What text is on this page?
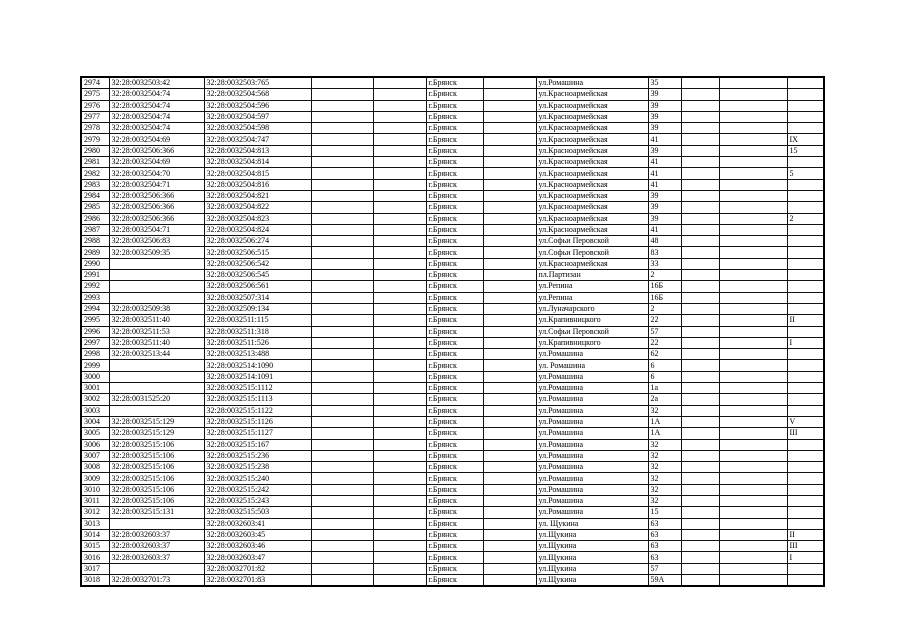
2974	32:28:0032503:42	32:28:0032503:765			г.Брянск		ул.Ромашина	35			
2975	32:28:0032504:74	32:28:0032504:568			г.Брянск		ул.Красноармейская	39			
2976	32:28:0032504:74	32:28:0032504:596			г.Брянск		ул.Красноармейская	39			
2977	32:28:0032504:74	32:28:0032504:597			г.Брянск		ул.Красноармейская	39			
2978	32:28:0032504:74	32:28:0032504:598			г.Брянск		ул.Красноармейская	39			
2979	32:28:0032504:69	32:28:0032504:747			г.Брянск		ул.Красноармейская	41			IX
2980	32:28:0032506:366	32:28:0032504:813			г.Брянск		ул.Красноармейская	39			15
2981	32:28:0032504:69	32:28:0032504:814			г.Брянск		ул.Красноармейская	41			
2982	32:28:0032504:70	32:28:0032504:815			г.Брянск		ул.Красноармейская	41			5
2983	32:28:0032504:71	32:28:0032504:816			г.Брянск		ул.Красноармейская	41			
2984	32:28:0032506:366	32:28:0032504:821			г.Брянск		ул.Красноармейская	39			
2985	32:28:0032506:366	32:28:0032504:822			г.Брянск		ул.Красноармейская	39			
2986	32:28:0032506:366	32:28:0032504:823			г.Брянск		ул.Красноармейская	39			2
2987	32:28:0032504:71	32:28:0032504:824			г.Брянск		ул.Красноармейская	41			
2988	32:28:0032506:83	32:28:0032506:274			г.Брянск		ул.Софьи Перовской	48			
2989	32:28:0032509:35	32:28:0032506:515			г.Брянск		ул.Софьи Перовской	83			
2990		32:28:0032506:542			г.Брянск		ул.Красноармейская	33			
2991		32:28:0032506:545			г.Брянск		пл.Партизан	2			
2992		32:28:0032506:561			г.Брянск		ул.Репина	16Б			
2993		32:28:0032507:314			г.Брянск		ул.Репина	16Б			
2994	32:28:0032509:38	32:28:0032509:134			г.Брянск		ул.Луначарского	2			
2995	32:28:0032511:40	32:28:0032511:115			г.Брянск		ул.Крапивницкого	22			II
2996	32:28:0032511:53	32:28:0032511:318			г.Брянск		ул.Софьи Перовской	57			
2997	32:28:0032511:40	32:28:0032511:526			г.Брянск		ул.Крапивницкого	22			I
2998	32:28:0032513:44	32:28:0032513:488			г.Брянск		ул.Ромашина	62			
2999		32:28:0032514:1090			г.Брянск		ул. Ромашина	6			
3000		32:28:0032514:1091			г.Брянск		ул.Ромашина	6			
3001		32:28:0032515:1112			г.Брянск		ул.Ромашина	1а			
3002	32:28:0031525:20	32:28:0032515:1113			г.Брянск		ул.Ромашина	2а			
3003		32:28:0032515:1122			г.Брянск		ул.Ромашина	32			
3004	32:28:0032515:129	32:28:0032515:1126			г.Брянск		ул.Ромашина	1А			V
3005	32:28:0032515:129	32:28:0032515:1127			г.Брянск		ул.Ромашина	1А			III
3006	32:28:0032515:106	32:28:0032515:167			г.Брянск		ул.Ромашина	32			
3007	32:28:0032515:106	32:28:0032515:236			г.Брянск		ул.Ромашина	32			
3008	32:28:0032515:106	32:28:0032515:238			г.Брянск		ул.Ромашина	32			
3009	32:28:0032515:106	32:28:0032515:240			г.Брянск		ул.Ромашина	32			
3010	32:28:0032515:106	32:28:0032515:242			г.Брянск		ул.Ромашина	32			
3011	32:28:0032515:106	32:28:0032515:243			г.Брянск		ул.Ромашина	32			
3012	32:28:0032515:131	32:28:0032515:503			г.Брянск		ул.Ромашина	15			
3013		32:28:0032603:41			г.Брянск		ул. Щукина	63			
3014	32:28:0032603:37	32:28:0032603:45			г.Брянск		ул.Щукина	63			II
3015	32:28:0032603:37	32:28:0032603:46			г.Брянск		ул.Щукина	63			III
3016	32:28:0032603:37	32:28:0032603:47			г.Брянск		ул.Щукина	63			I
3017		32:28:0032701:82			г.Брянск		ул.Щукина	57			
3018	32:28:0032701:73	32:28:0032701:83			г.Брянск		ул.Щукина	59А			
